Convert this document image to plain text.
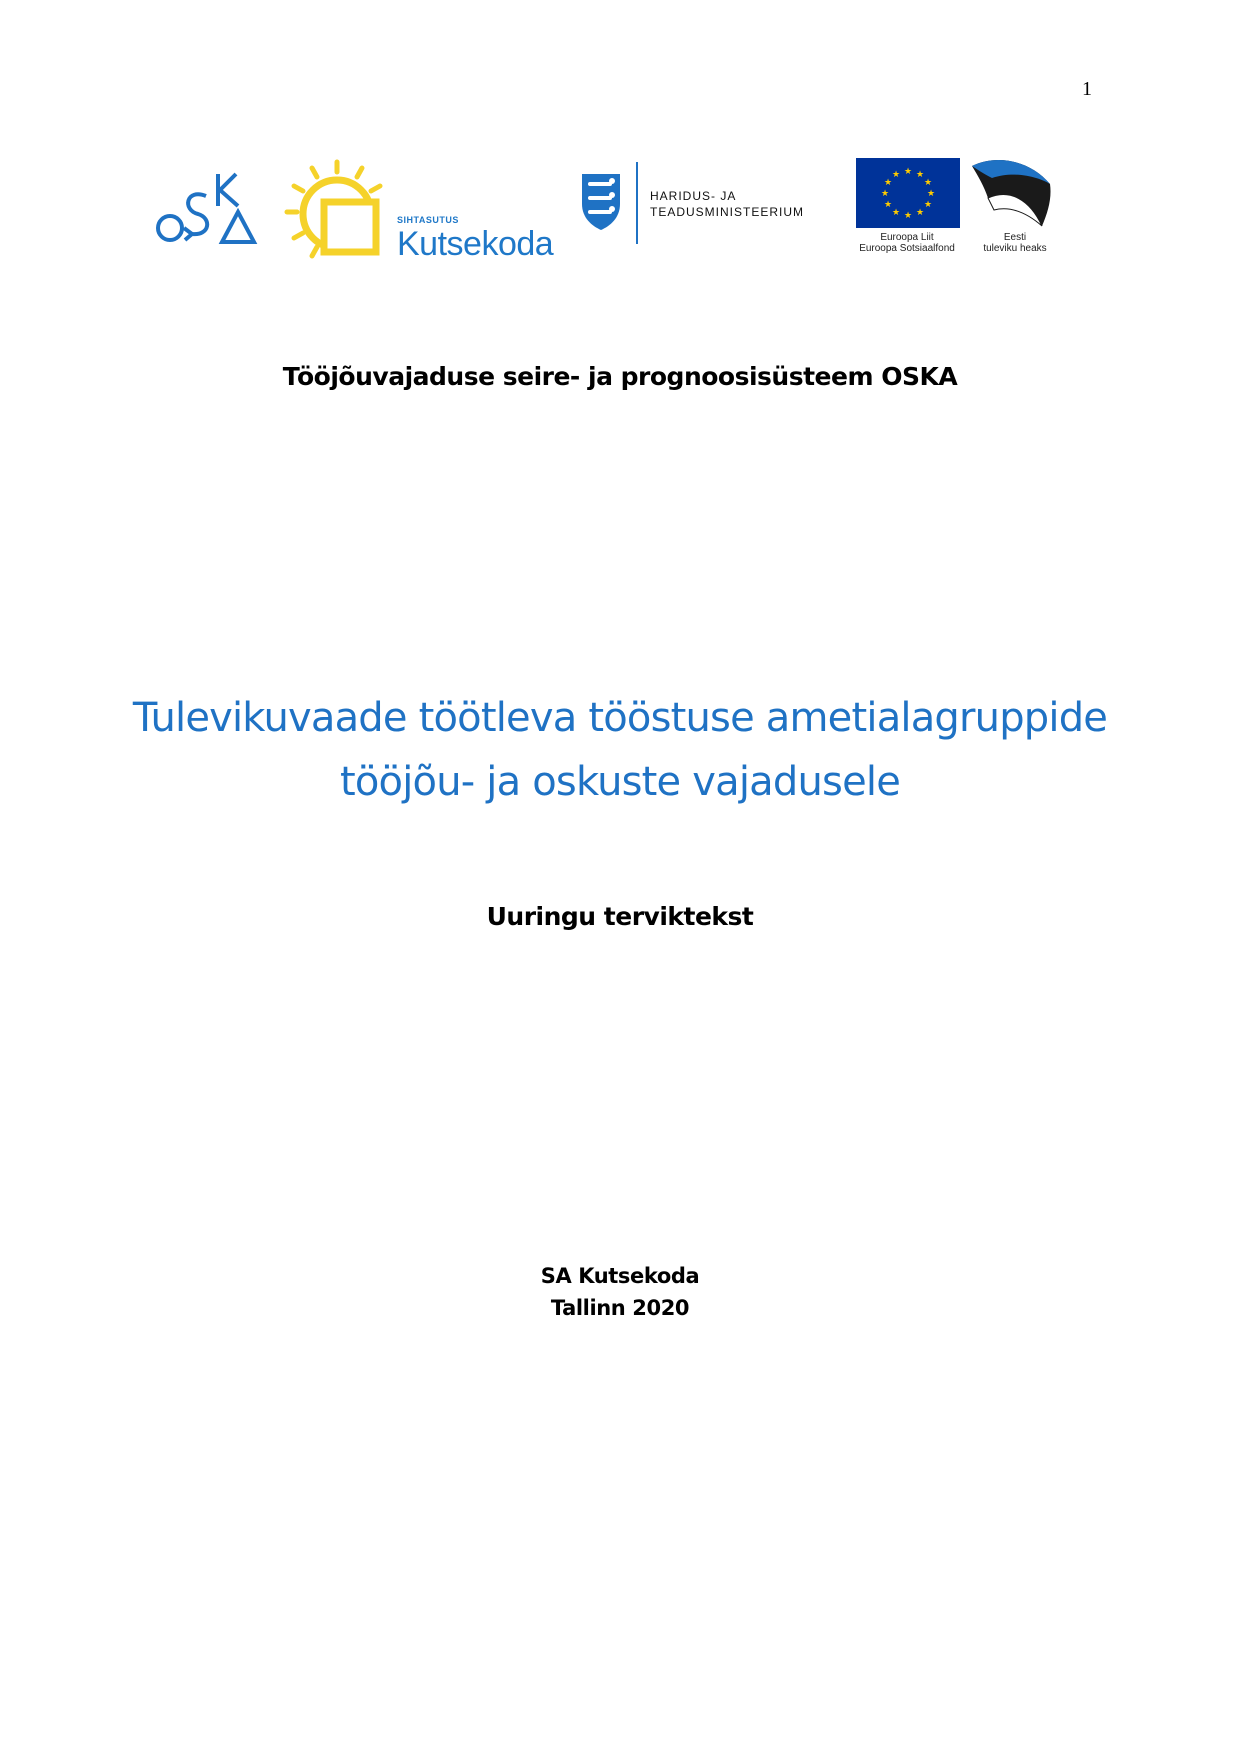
1
SIHTASUTUS
Kutsekoda
HARIDUS- JA
TEADUSMINISTEERIUM
★ ★
★
★
★
★
★
★
★
★
★
★
Euroopa Liit
Euroopa Sotsiaalfond
Eesti
tuleviku heaks
Tööjõuvajaduse seire- ja prognoosisüsteem OSKA
Tulevikuvaade töötleva tööstuse ametialagruppide
tööjõu- ja oskuste vajadusele
Uuringu terviktekst
SA Kutsekoda
Tallinn 2020
